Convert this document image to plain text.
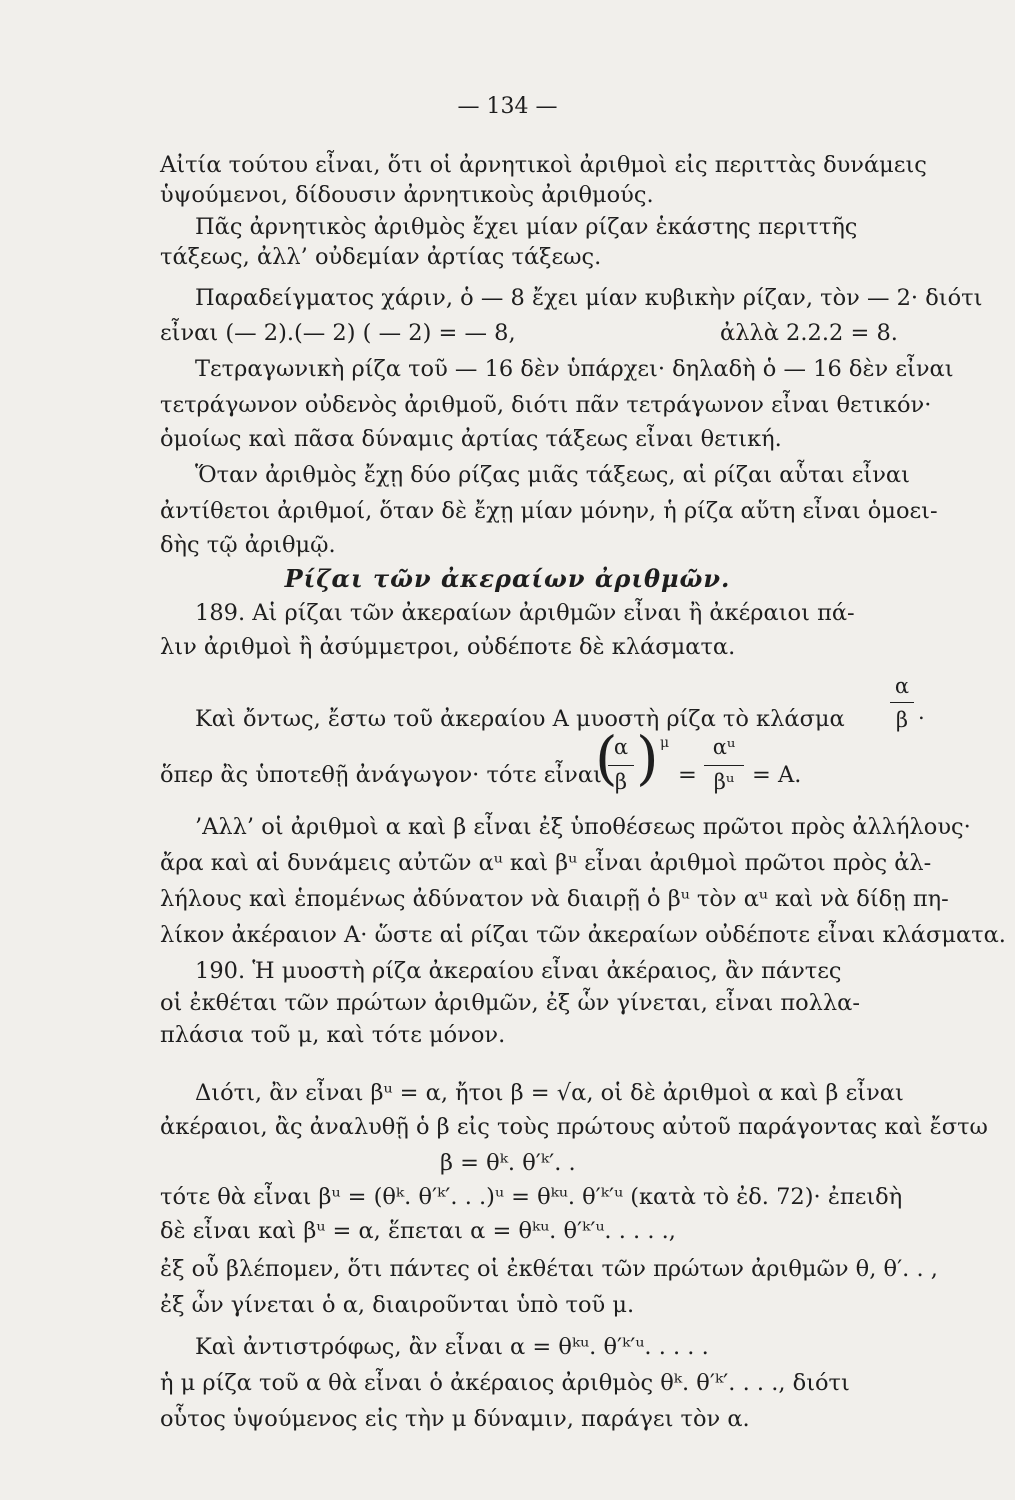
— 134 —
Αἰτία τούτου εἶναι, ὅτι οἱ ἀρνητικοὶ ἀριθμοὶ εἰς περιττὰς δυνάμεις
ὑψούμενοι, δίδουσιν ἀρνητικοὺς ἀριθμούς.
Πᾶς ἀρνητικὸς ἀριθμὸς ἔχει μίαν ρίζαν ἑκάστης περιττῆς
τάξεως, ἀλλ’ οὐδεμίαν ἀρτίας τάξεως.
Παραδείγματος χάριν, ὁ — 8 ἔχει μίαν κυβικὴν ρίζαν, τὸν — 2· διότι
εἶναι (— 2).(— 2) ( — 2) = — 8,	ἀλλὰ 2.2.2 = 8.
Τετραγωνικὴ ρίζα τοῦ — 16 δὲν ὑπάρχει· δηλαδὴ ὁ — 16 δὲν εἶναι
τετράγωνον οὐδενὸς ἀριθμοῦ, διότι πᾶν τετράγωνον εἶναι θετικόν·
ὁμοίως καὶ πᾶσα δύναμις ἀρτίας τάξεως εἶναι θετική.
Ὅταν ἀριθμὸς ἔχῃ δύο ρίζας μιᾶς τάξεως, αἱ ρίζαι αὗται εἶναι
ἀντίθετοι ἀριθμοί, ὅταν δὲ ἔχῃ μίαν μόνην, ἡ ρίζα αὕτη εἶναι ὁμοει-
δὴς τῷ ἀριθμῷ.
Ρίζαι τῶν ἀκεραίων ἀριθμῶν.
189. Αἱ ρίζαι τῶν ἀκεραίων ἀριθμῶν εἶναι ἢ ἀκέραιοι πά-
λιν ἀριθμοὶ ἢ ἀσύμμετροι, οὐδέποτε δὲ κλάσματα.
Καὶ ὄντως, ἔστω τοῦ ἀκεραίου Α μυοστὴ ρίζα τὸ κλάσμα
α
β .
ὅπερ ἂς ὑποτεθῇ ἀνάγωγον· τότε εἶναι
(
α
β ) μ
=
αᵘ
βᵘ = Α.
’Αλλ’ οἱ ἀριθμοὶ α καὶ β εἶναι ἐξ ὑποθέσεως πρῶτοι πρὸς ἀλλήλους·
ἄρα καὶ αἱ δυνάμεις αὐτῶν αᵘ καὶ βᵘ εἶναι ἀριθμοὶ πρῶτοι πρὸς ἀλ-
λήλους καὶ ἑπομένως ἀδύνατον νὰ διαιρῇ ὁ βᵘ τὸν αᵘ καὶ νὰ δίδῃ πη-
λίκον ἀκέραιον Α· ὥστε αἱ ρίζαι τῶν ἀκεραίων οὐδέποτε εἶναι κλάσματα.
190. Ἡ μυοστὴ ρίζα ἀκεραίου εἶναι ἀκέραιος, ἂν πάντες
οἱ ἐκθέται τῶν πρώτων ἀριθμῶν, ἐξ ὧν γίνεται, εἶναι πολλα-
πλάσια τοῦ μ, καὶ τότε μόνον.
Διότι, ἂν εἶναι βᵘ = α, ἤτοι β = √α, οἱ δὲ ἀριθμοὶ α καὶ β εἶναι
ἀκέραιοι, ἂς ἀναλυθῇ ὁ β εἰς τοὺς πρώτους αὐτοῦ παράγοντας καὶ ἔστω
β = θᵏ. θ′ᵏ′. .
τότε θὰ εἶναι βᵘ = (θᵏ. θ′ᵏ′. . .)ᵘ = θᵏᵘ. θ′ᵏ′ᵘ (κατὰ τὸ ἐδ. 72)· ἐπειδὴ
δὲ εἶναι καὶ βᵘ = α, ἕπεται α = θᵏᵘ. θ′ᵏ′ᵘ. . . . .,
ἐξ οὗ βλέπομεν, ὅτι πάντες οἱ ἐκθέται τῶν πρώτων ἀριθμῶν θ, θ′. . ,
ἐξ ὧν γίνεται ὁ α, διαιροῦνται ὑπὸ τοῦ μ.
Καὶ ἀντιστρόφως, ἂν εἶναι α = θᵏᵘ. θ′ᵏ′ᵘ. . . . .
ἡ μ ρίζα τοῦ α θὰ εἶναι ὁ ἀκέραιος ἀριθμὸς θᵏ. θ′ᵏ′. . . ., διότι
οὗτος ὑψούμενος εἰς τὴν μ δύναμιν, παράγει τὸν α.
